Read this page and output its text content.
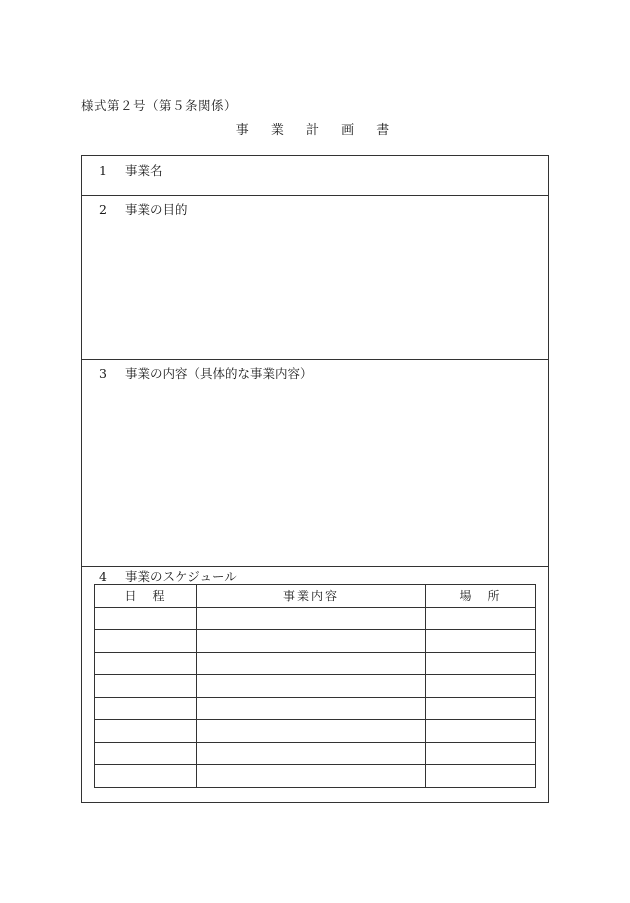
様式第２号（第５条関係）
事 業 計 画 書
1 事業名
2 事業の目的
3 事業の内容（具体的な事業内容）
4 事業のスケジュール
日　程	事業内容	場　所
